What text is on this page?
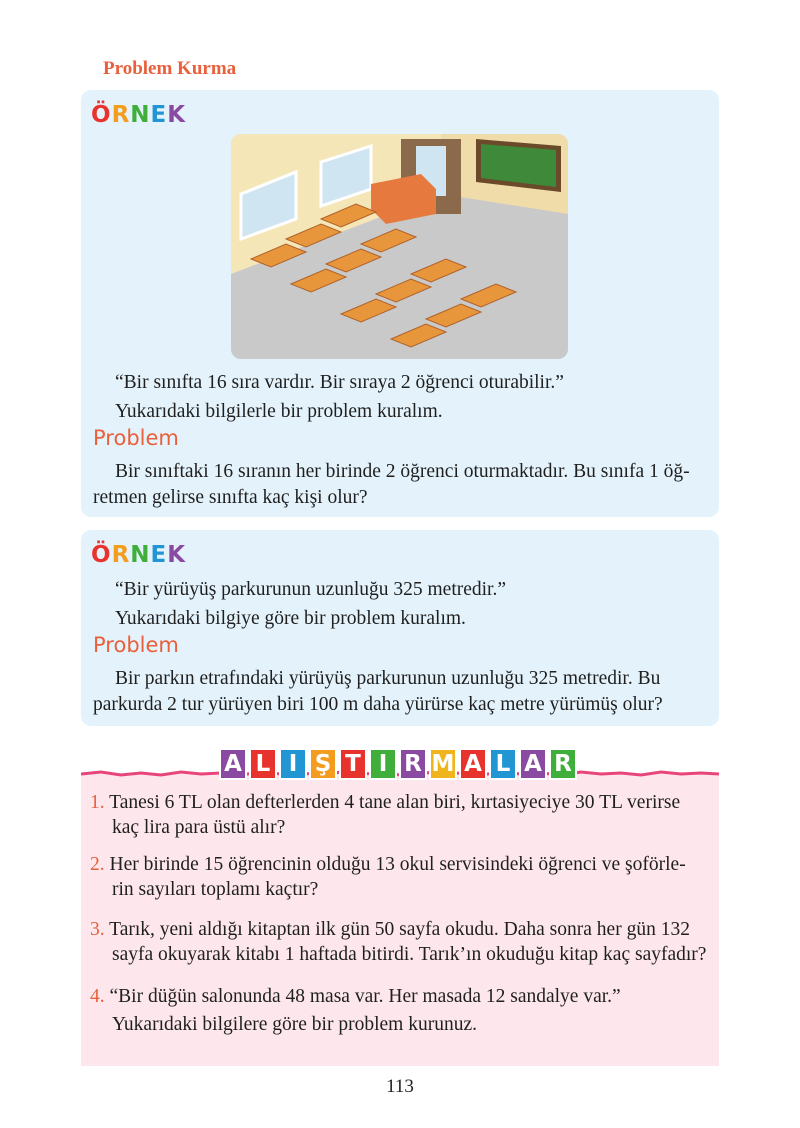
Problem Kurma
ÖRNEK
“Bir sınıfta 16 sıra vardır. Bir sıraya 2 öğrenci oturabilir.”
Yukarıdaki bilgilerle bir problem kuralım.
Problem
Bir sınıftaki 16 sıranın her birinde 2 öğrenci oturmaktadır. Bu sınıfa 1 öğ-
retmen gelirse sınıfta kaç kişi olur?
ÖRNEK
“Bir yürüyüş parkurunun uzunluğu 325 metredir.”
Yukarıdaki bilgiye göre bir problem kuralım.
Problem
Bir parkın etrafındaki yürüyüş parkurunun uzunluğu 325 metredir. Bu
parkurda 2 tur yürüyen biri 100 m daha yürürse kaç metre yürümüş olur?
A L I Ş T I R M A L A R
1. Tanesi 6 TL olan defterlerden 4 tane alan biri, kırtasiyeciye 30 TL verirse
kaç lira para üstü alır?
2. Her birinde 15 öğrencinin olduğu 13 okul servisindeki öğrenci ve şoförle-
rin sayıları toplamı kaçtır?
3. Tarık, yeni aldığı kitaptan ilk gün 50 sayfa okudu. Daha sonra her gün 132
sayfa okuyarak kitabı 1 haftada bitirdi. Tarık’ın okuduğu kitap kaç sayfadır?
4. “Bir düğün salonunda 48 masa var. Her masada 12 sandalye var.”
Yukarıdaki bilgilere göre bir problem kurunuz.
113
